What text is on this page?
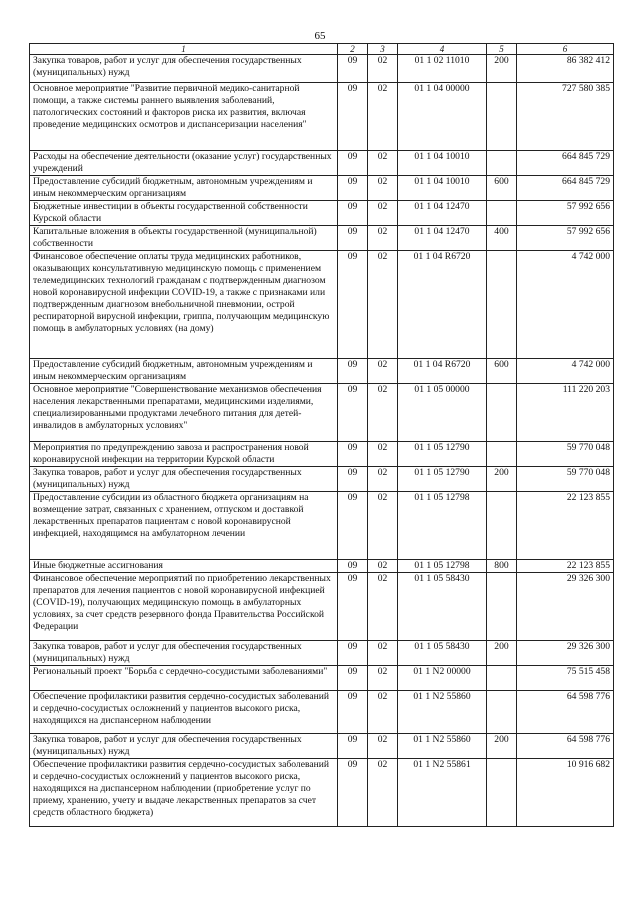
65
1	2	3	4	5	6
Закупка товаров, работ и услуг для обеспечения государственных (муниципальных) нужд	09	02	01 1 02 11010	200	86 382 412
Основное мероприятие "Развитие первичной медико-санитарной помощи, а также системы раннего выявления заболеваний, патологических состояний и факторов риска их развития, включая проведение медицинских осмотров и диспансеризации населения"	09	02	01 1 04 00000		727 580 385
Расходы на обеспечение деятельности (оказание услуг) государственных учреждений	09	02	01 1 04 10010		664 845 729
Предоставление субсидий бюджетным, автономным учреждениям и иным некоммерческим организациям	09	02	01 1 04 10010	600	664 845 729
Бюджетные инвестиции в объекты государственной собственности Курской области	09	02	01 1 04 12470		57 992 656
Капитальные вложения в объекты государственной (муниципальной) собственности	09	02	01 1 04 12470	400	57 992 656
Финансовое обеспечение оплаты труда медицинских работников, оказывающих консультативную медицинскую помощь с применением телемедицинских технологий гражданам с подтвержденным диагнозом новой коронавирусной инфекции COVID-19, а также с признаками или подтвержденным диагнозом внебольничной пневмонии, острой респираторной вирусной инфекции, гриппа, получающим медицинскую помощь в амбулаторных условиях (на дому)	09	02	01 1 04 R6720		4 742 000
Предоставление субсидий бюджетным, автономным учреждениям и иным некоммерческим организациям	09	02	01 1 04 R6720	600	4 742 000
Основное мероприятие "Совершенствование механизмов обеспечения населения лекарственными препаратами, медицинскими изделиями, специализированными продуктами лечебного питания для детей-инвалидов в амбулаторных условиях"	09	02	01 1 05 00000		111 220 203
Мероприятия по предупреждению завоза и распространения новой коронавирусной инфекции на территории Курской области	09	02	01 1 05 12790		59 770 048
Закупка товаров, работ и услуг для обеспечения государственных (муниципальных) нужд	09	02	01 1 05 12790	200	59 770 048
Предоставление субсидии из областного бюджета организациям на возмещение затрат, связанных с хранением, отпуском и доставкой лекарственных препаратов пациентам с новой коронавирусной инфекцией, находящимся на амбулаторном лечении	09	02	01 1 05 12798		22 123 855
Иные бюджетные ассигнования	09	02	01 1 05 12798	800	22 123 855
Финансовое обеспечение мероприятий по приобретению лекарственных препаратов для лечения пациентов с новой коронавирусной инфекцией (COVID-19), получающих медицинскую помощь в амбулаторных условиях, за счет средств резервного фонда Правительства Российской Федерации	09	02	01 1 05 58430		29 326 300
Закупка товаров, работ и услуг для обеспечения государственных (муниципальных) нужд	09	02	01 1 05 58430	200	29 326 300
Региональный проект "Борьба с сердечно-сосудистыми заболеваниями"	09	02	01 1 N2 00000		75 515 458
Обеспечение профилактики развития сердечно-сосудистых заболеваний и сердечно-сосудистых осложнений у пациентов высокого риска, находящихся на диспансерном наблюдении	09	02	01 1 N2 55860		64 598 776
Закупка товаров, работ и услуг для обеспечения государственных (муниципальных) нужд	09	02	01 1 N2 55860	200	64 598 776
Обеспечение профилактики развития сердечно-сосудистых заболеваний и сердечно-сосудистых осложнений у пациентов высокого риска, находящихся на диспансерном наблюдении (приобретение услуг по приему, хранению, учету и выдаче лекарственных препаратов за счет средств областного бюджета)	09	02	01 1 N2 55861		10 916 682
